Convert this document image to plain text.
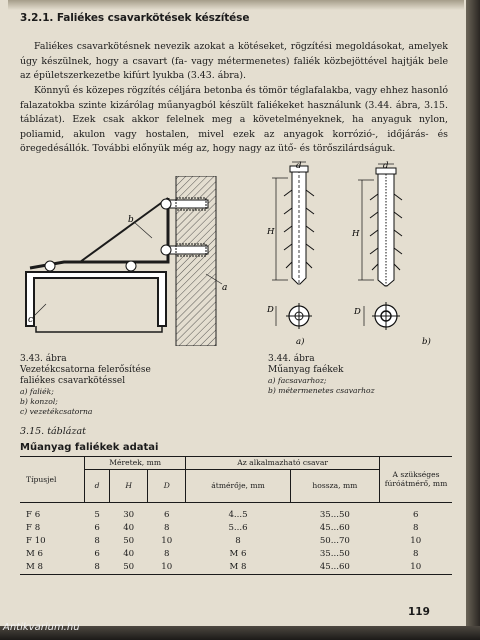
3.2.1. Faliékes csavarkötések készítése

Faliékes csavarkötésnek nevezik azokat a kötéseket, rögzítési megoldásokat, amelyek úgy készülnek, hogy a csavart (fa- vagy métermenetes) faliék közbejöttével hajtják bele az épületszerkezetbe kifúrt lyukba (3.43. ábra).

Könnyű és közepes rögzítés céljára betonba és tömör téglafalakba, vagy ehhez hasonló falazatokba szinte kizárólag műanyagból készült faliékeket használunk (3.44. ábra, 3.15. táblázat). Ezek csak akkor felelnek meg a követelményeknek, ha anyaguk nylon, poliamid, akulon vagy hostalen, mivel ezek az anyagok korrózió-, időjárás- és öregedésállók. További előnyük még az, hogy nagy az ütő- és törőszilárdságuk.

b
a
c
3.43. ábra
Vezetékcsatorna felerősítése
faliékes csavarkötéssel
a) faliék;
b) konzol;
c) vezetékcsatorna
d	d
H	H
D	D
a)	b)
3.44. ábra
Műanyag faékek
a) facsavarhoz;
b) métermenetes csavarhoz
3.15. táblázat
Műanyag faliékek adatai
Típusjel	Méretek, mm			Az alkalmazható csavar		A szükséges fúróátmérő, mm
	d	H	D	átmérője, mm	hossza, mm	

F 6	5	30	6	4...5	35...50	6
F 8	6	40	8	5...6	45...60	8
F 10	8	50	10	8	50...70	10
M 6	6	40	8	M 6	35...50	8
M 8	8	50	10	M 8	45...60	10
119
Antikvarium.hu
